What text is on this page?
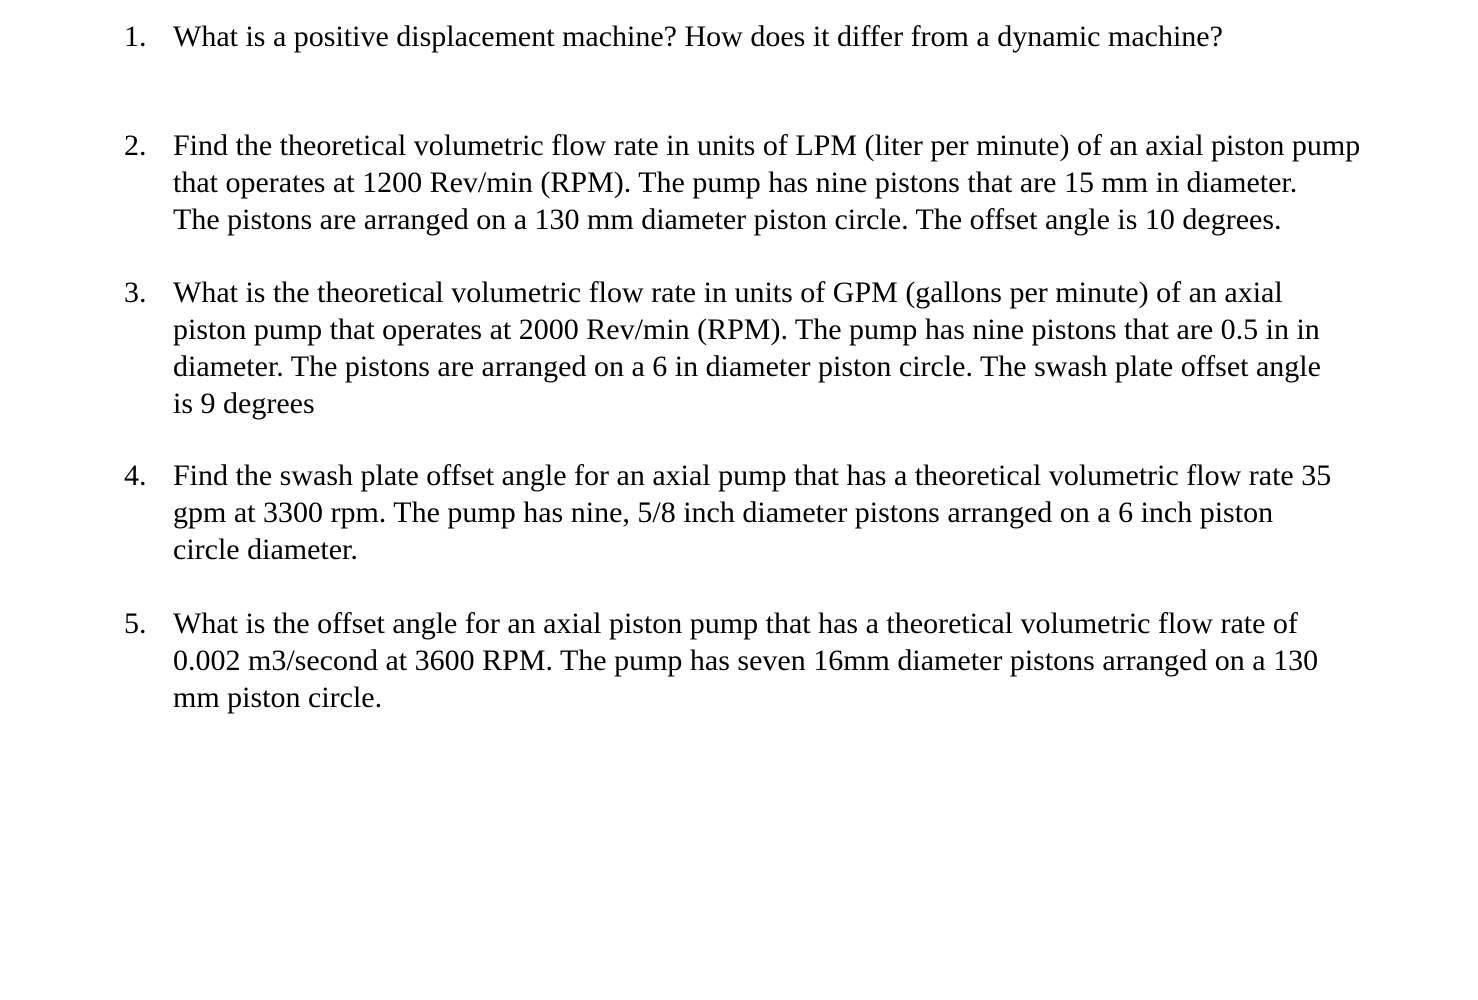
1. What is a positive displacement machine? How does it differ from a dynamic machine?
2. Find the theoretical volumetric flow rate in units of LPM (liter per minute) of an axial piston pump
that operates at 1200 Rev/min (RPM). The pump has nine pistons that are 15 mm in diameter.
The pistons are arranged on a 130 mm diameter piston circle. The offset angle is 10 degrees.
3. What is the theoretical volumetric flow rate in units of GPM (gallons per minute) of an axial
piston pump that operates at 2000 Rev/min (RPM). The pump has nine pistons that are 0.5 in in
diameter. The pistons are arranged on a 6 in diameter piston circle. The swash plate offset angle
is 9 degrees
4. Find the swash plate offset angle for an axial pump that has a theoretical volumetric flow rate 35
gpm at 3300 rpm. The pump has nine, 5/8 inch diameter pistons arranged on a 6 inch piston
circle diameter.
5. What is the offset angle for an axial piston pump that has a theoretical volumetric flow rate of
0.002 m3/second at 3600 RPM. The pump has seven 16mm diameter pistons arranged on a 130
mm piston circle.
